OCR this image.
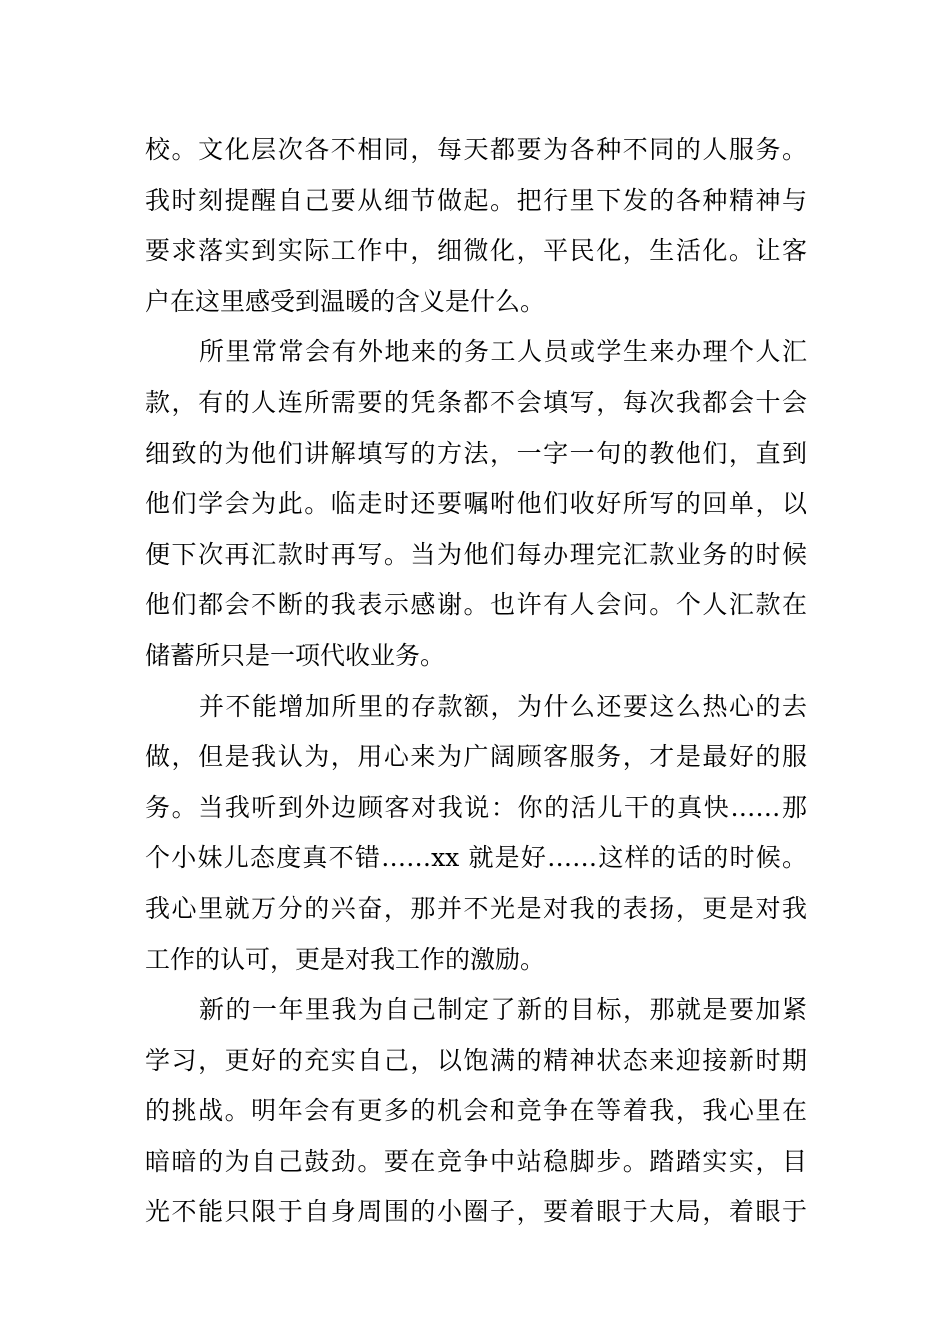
校。文化层次各不相同，每天都要为各种不同的人服务。
我时刻提醒自己要从细节做起。把行里下发的各种精神与
要求落实到实际工作中，细微化，平民化，生活化。让客
户在这里感受到温暖的含义是什么。
所里常常会有外地来的务工人员或学生来办理个人汇
款，有的人连所需要的凭条都不会填写，每次我都会十会
细致的为他们讲解填写的方法，一字一句的教他们，直到
他们学会为此。临走时还要嘱咐他们收好所写的回单，以
便下次再汇款时再写。当为他们每办理完汇款业务的时候
他们都会不断的我表示感谢。也许有人会问。个人汇款在
储蓄所只是一项代收业务。
并不能增加所里的存款额，为什么还要这么热心的去
做，但是我认为，用心来为广阔顾客服务，才是最好的服
务。当我听到外边顾客对我说：你的活儿干的真快……那
个小妹儿态度真不错……xx 就是好……这样的话的时候。
我心里就万分的兴奋，那并不光是对我的表扬，更是对我
工作的认可，更是对我工作的激励。
新的一年里我为自己制定了新的目标，那就是要加紧
学习，更好的充实自己，以饱满的精神状态来迎接新时期
的挑战。明年会有更多的机会和竞争在等着我，我心里在
暗暗的为自己鼓劲。要在竞争中站稳脚步。踏踏实实，目
光不能只限于自身周围的小圈子，要着眼于大局，着眼于
